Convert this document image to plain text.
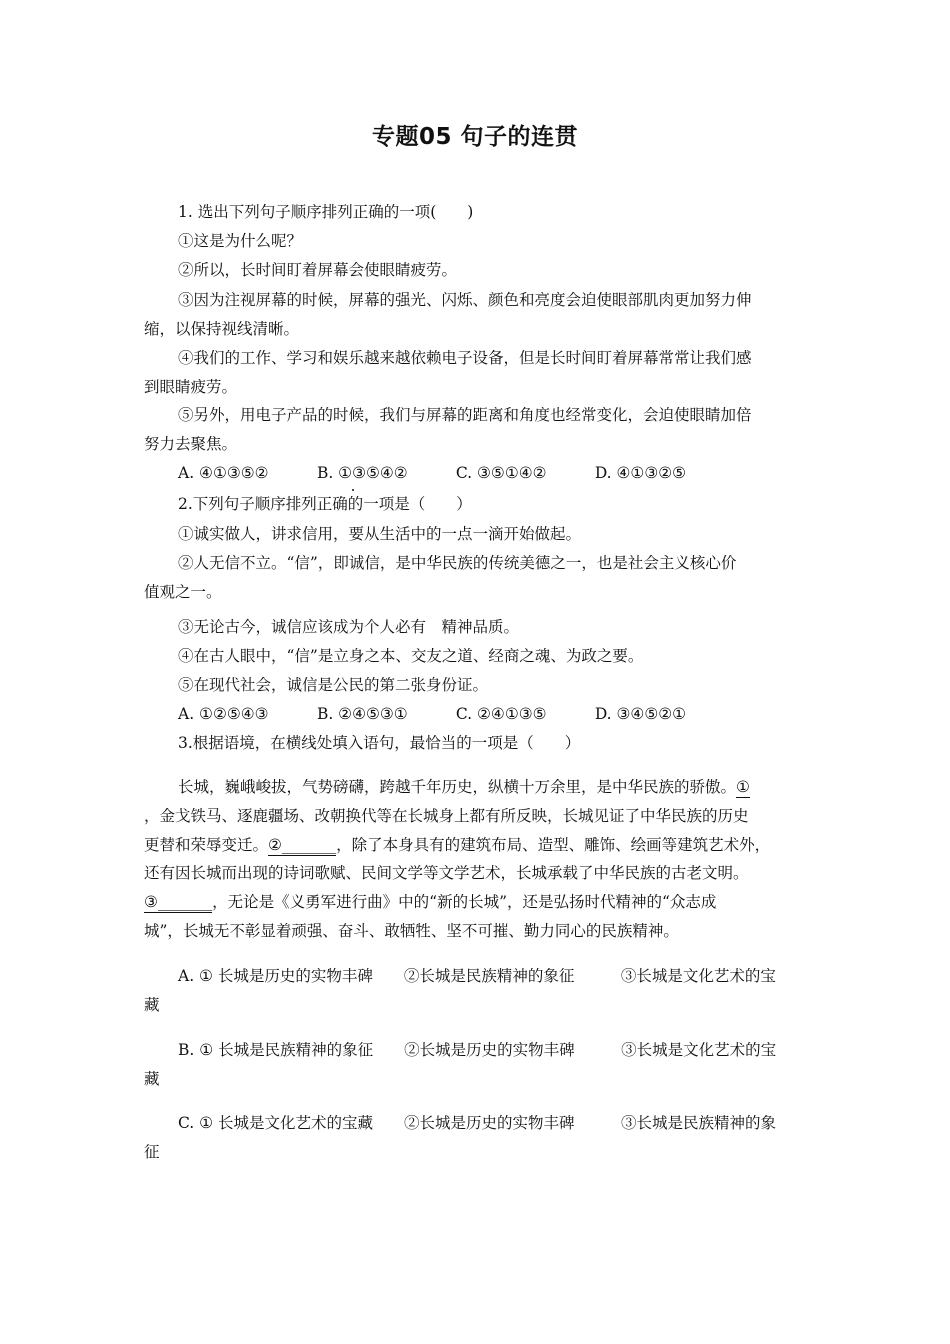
专题05 句子的连贯
1. 选出下列句子顺序排列正确的一项(　　)
①这是为什么呢？
②所以，长时间盯着屏幕会使眼睛疲劳。
③因为注视屏幕的时候，屏幕的强光、闪烁、颜色和亮度会迫使眼部肌肉更加努力伸
缩，以保持视线清晰。
④我们的工作、学习和娱乐越来越依赖电子设备，但是长时间盯着屏幕常常让我们感
到眼睛疲劳。
⑤另外，用电子产品的时候，我们与屏幕的距离和角度也经常变化，会迫使眼睛加倍
努力去聚焦。
A. ④①③⑤②	B. ①③⑤④②	C. ③⑤①④②	D. ④①③②⑤
2.下列句子顺序排列正确的一项是（　　）
①诚实做人，讲求信用，要从生活中的一点一滴开始做起。
②人无信不立。“信”，即诚信，是中华民族的传统美德之一，也是社会主义核心价
值观之一。
③无论古今，诚信应该成为个人必有　精神品质。
④在古人眼中，“信”是立身之本、交友之道、经商之魂、为政之要。
⑤在现代社会，诚信是公民的第二张身份证。
A. ①②⑤④③	B. ②④⑤③①	C. ②④①③⑤	D. ③④⑤②①
3.根据语境，在横线处填入语句，最恰当的一项是（　　）
长城，巍峨峻拔，气势磅礴，跨越千年历史，纵横十万余里，是中华民族的骄傲。①
，金戈铁马、逐鹿疆场、改朝换代等在长城身上都有所反映，长城见证了中华民族的历史
更替和荣辱变迁。②_______，除了本身具有的建筑布局、造型、雕饰、绘画等建筑艺术外，
还有因长城而出现的诗词歌赋、民间文学等文学艺术，长城承载了中华民族的古老文明。
③_______，无论是《义勇军进行曲》中的“新的长城”，还是弘扬时代精神的“众志成
城”，长城无不彰显着顽强、奋斗、敢牺牲、坚不可摧、勤力同心的民族精神。
A. ① 长城是历史的实物丰碑　　②长城是民族精神的象征　　　③长城是文化艺术的宝
藏
B. ① 长城是民族精神的象征　　②长城是历史的实物丰碑　　　③长城是文化艺术的宝
藏
C. ① 长城是文化艺术的宝藏　　②长城是历史的实物丰碑　　　③长城是民族精神的象
征
